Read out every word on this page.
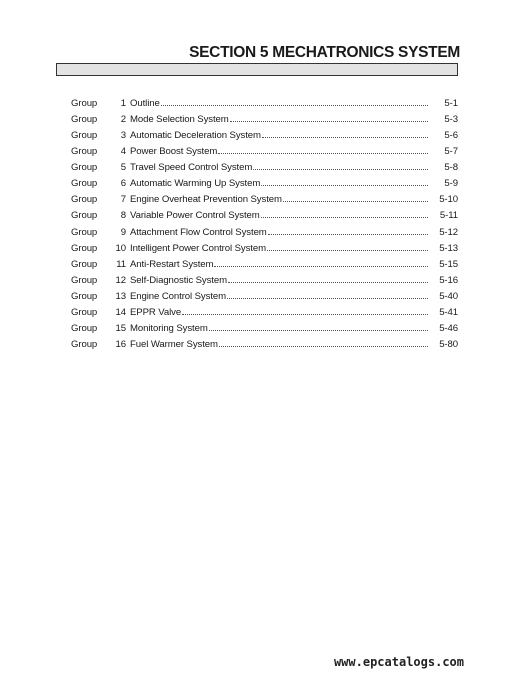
SECTION 5 MECHATRONICS SYSTEM
Group	1 Outline	5-1
Group	2 Mode Selection System	5-3
Group	3 Automatic Deceleration System	5-6
Group	4 Power Boost System	5-7
Group	5 Travel Speed Control System	5-8
Group	6 Automatic Warming Up System	5-9
Group	7 Engine Overheat Prevention System	5-10
Group	8 Variable Power Control System	5-11
Group	9 Attachment Flow Control System	5-12
Group	10 Intelligent Power Control System	5-13
Group	11 Anti-Restart System	5-15
Group	12 Self-Diagnostic System	5-16
Group	13 Engine Control System	5-40
Group	14 EPPR Valve	5-41
Group	15 Monitoring System	5-46
Group	16 Fuel Warmer System	5-80
www.epcatalogs.com
